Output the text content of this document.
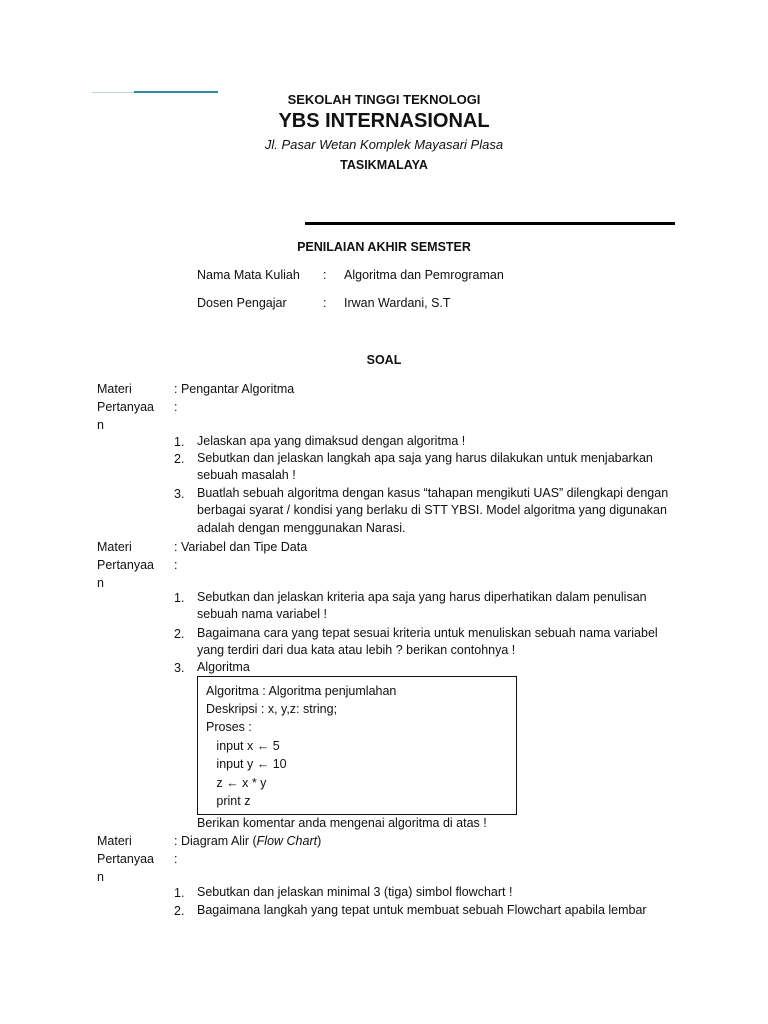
SEKOLAH TINGGI TEKNOLOGI
YBS INTERNASIONAL
Jl. Pasar Wetan Komplek Mayasari Plasa
TASIKMALAYA
PENILAIAN AKHIR SEMSTER
Nama Mata Kuliah : Algoritma dan Pemrograman
Dosen Pengajar	: Irwan Wardani, S.T
SOAL
Materi	: Pengantar Algoritma
Pertanyaa	:
n
1.	Jelaskan apa yang dimaksud dengan algoritma !
2.	Sebutkan dan jelaskan langkah apa saja yang harus dilakukan untuk menjabarkan
sebuah masalah !
3.	Buatlah sebuah algoritma dengan kasus “tahapan mengikuti UAS” dilengkapi dengan
berbagai syarat / kondisi yang berlaku di STT YBSI. Model algoritma yang digunakan
adalah dengan menggunakan Narasi.
Materi	: Variabel dan Tipe Data
Pertanyaa	:
n
1.	Sebutkan dan jelaskan kriteria apa saja yang harus diperhatikan dalam penulisan
sebuah nama variabel !
2.	Bagaimana cara yang tepat sesuai kriteria untuk menuliskan sebuah nama variabel
yang terdiri dari dua kata atau lebih ? berikan contohnya !
3.	Algoritma
Algoritma : Algoritma penjumlahan
Deskripsi : x, y,z: string;
Proses :
input x ← 5
input y ← 10
z ← x * y
print z
Berikan komentar anda mengenai algoritma di atas !
Materi	: Diagram Alir (Flow Chart)
Pertanyaa	:
n
1.	Sebutkan dan jelaskan minimal 3 (tiga) simbol flowchart !
2.	Bagaimana langkah yang tepat untuk membuat sebuah Flowchart apabila lembar
